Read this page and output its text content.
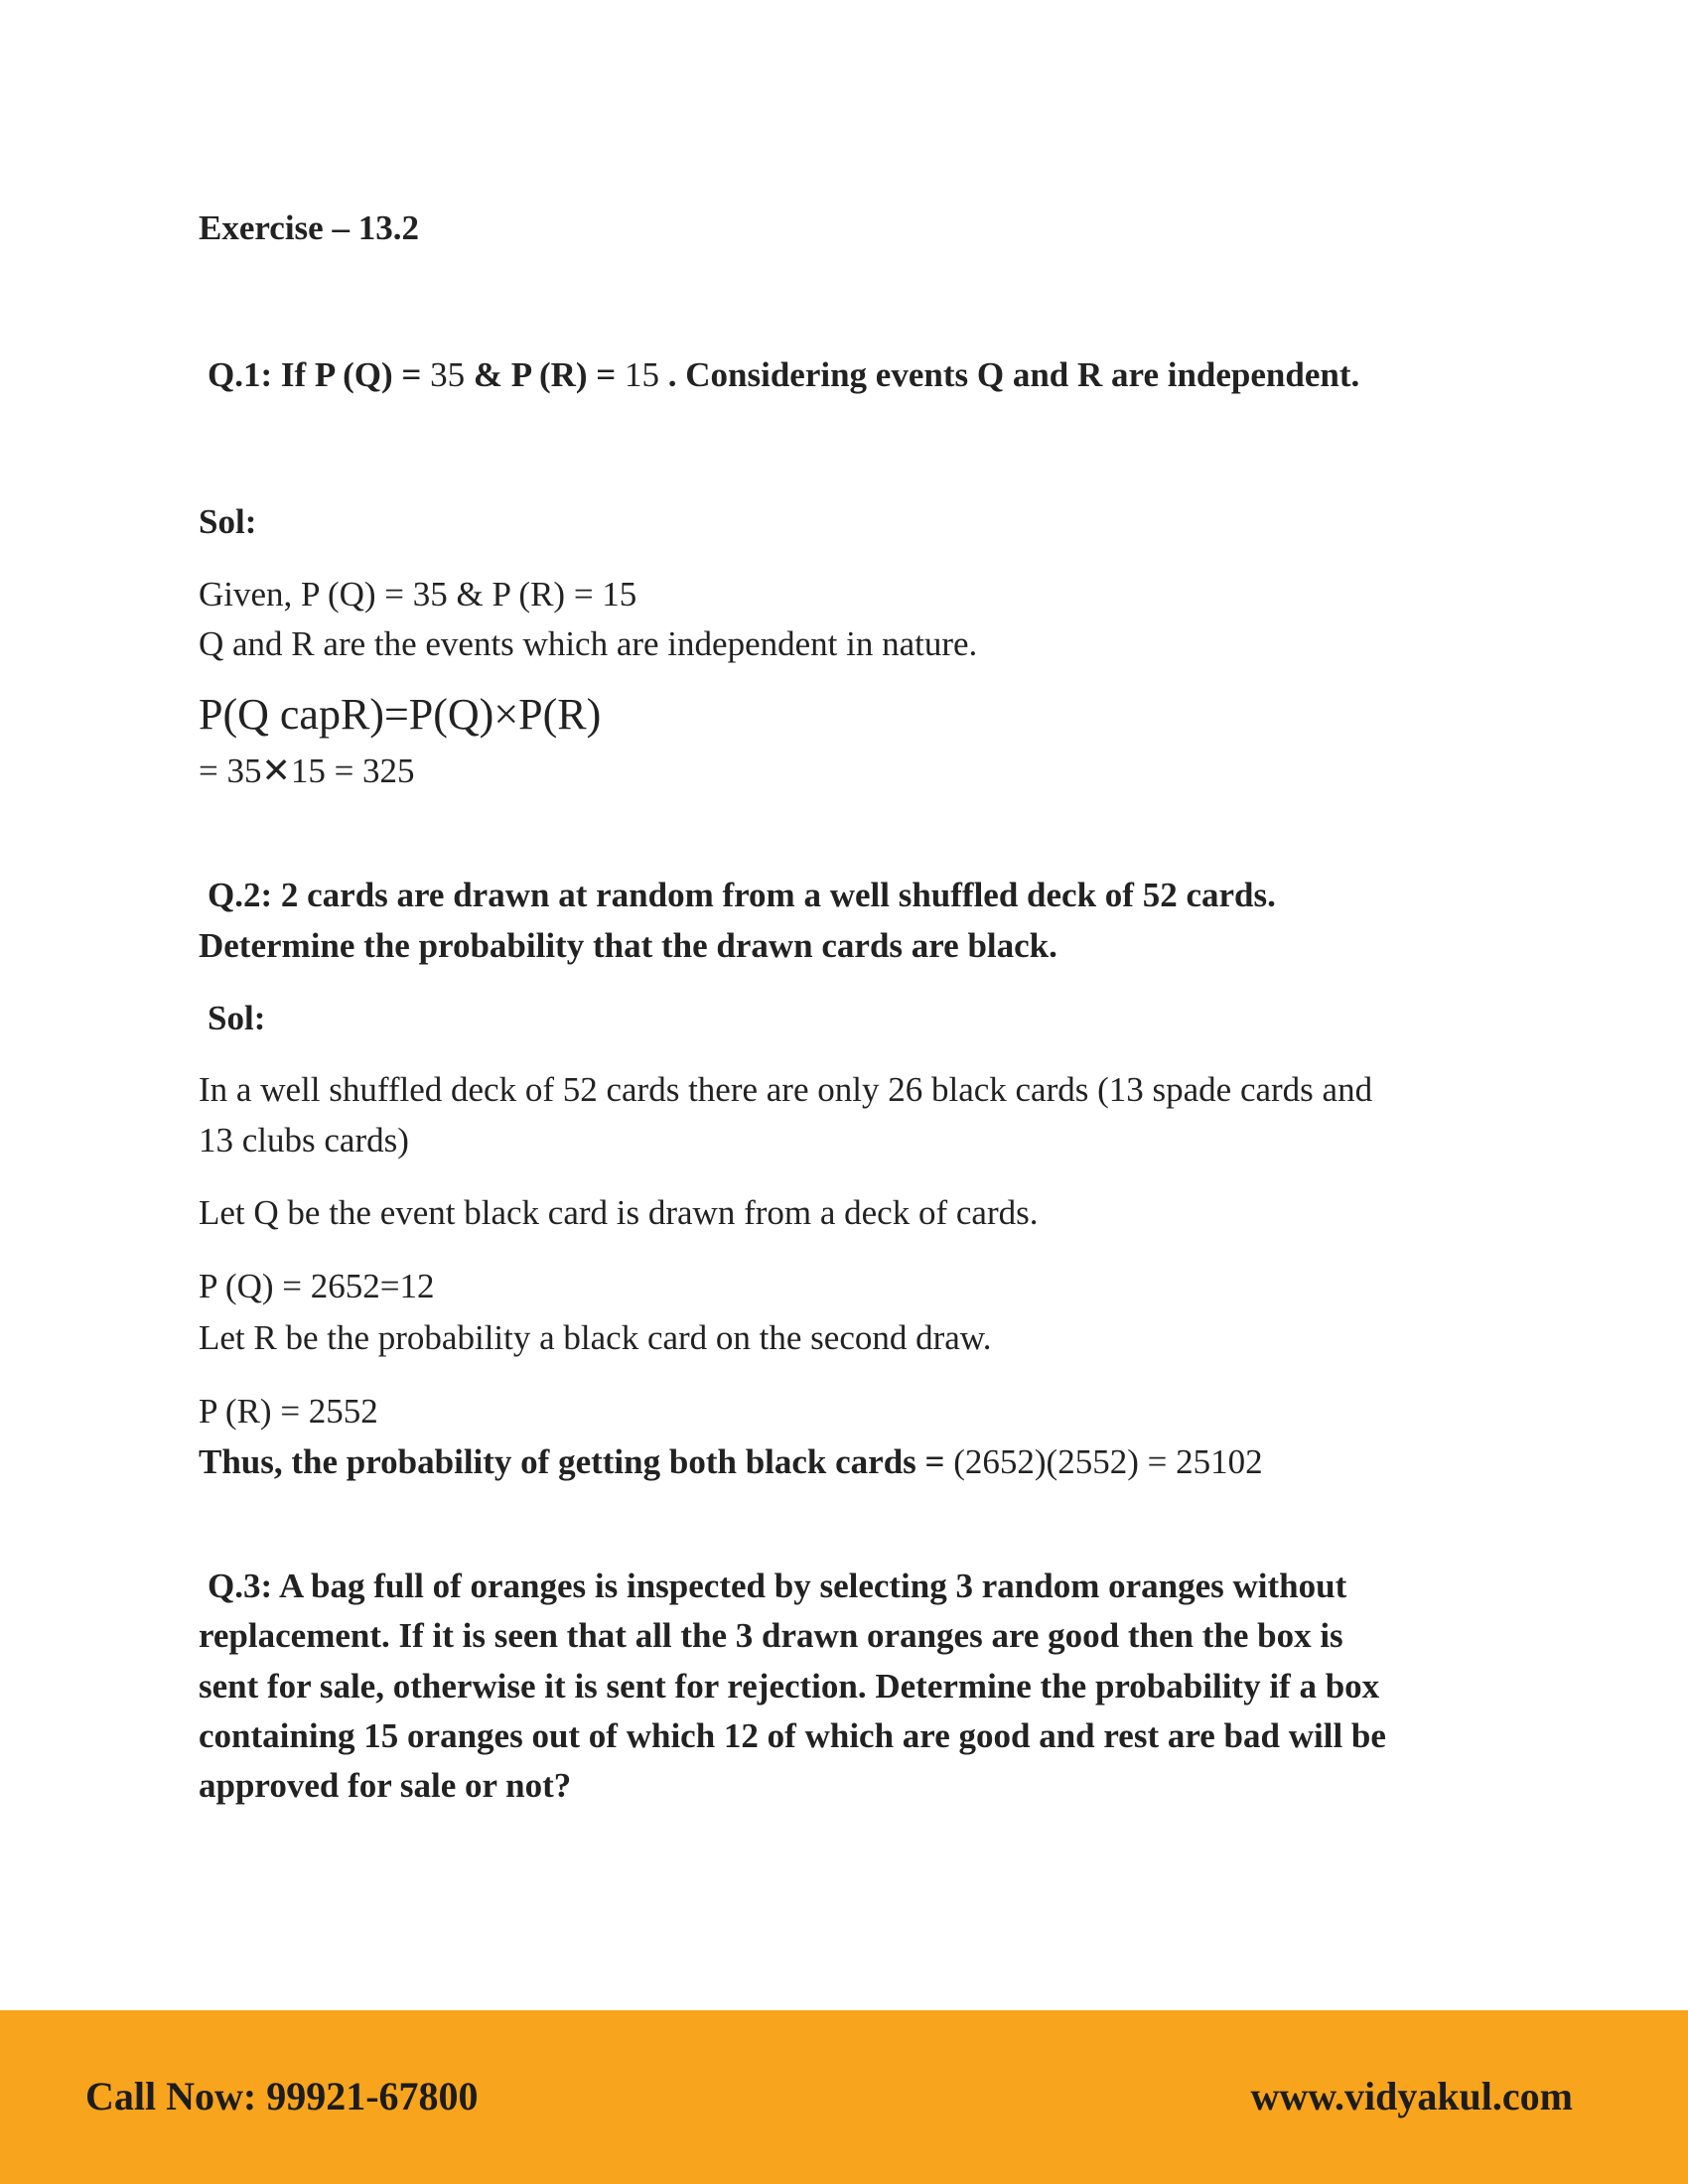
Exercise – 13.2
Q.1: If P (Q) = 35 & P (R) = 15 . Considering events Q and R are independent.
Sol:
Given, P (Q) = 35 & P (R) = 15
Q and R are the events which are independent in nature.
P(Q capR)=P(Q)×P(R)
= 35✕15 = 325
Q.2: 2 cards are drawn at random from a well shuffled deck of 52 cards.
Determine the probability that the drawn cards are black.
Sol:
In a well shuffled deck of 52 cards there are only 26 black cards (13 spade cards and
13 clubs cards)
Let Q be the event black card is drawn from a deck of cards.
P (Q) = 2652=12
Let R be the probability a black card on the second draw.
P (R) = 2552
Thus, the probability of getting both black cards = (2652)(2552) = 25102
Q.3: A bag full of oranges is inspected by selecting 3 random oranges without
replacement. If it is seen that all the 3 drawn oranges are good then the box is
sent for sale, otherwise it is sent for rejection. Determine the probability if a box
containing 15 oranges out of which 12 of which are good and rest are bad will be
approved for sale or not?
Call Now: 99921-67800	www.vidyakul.com
